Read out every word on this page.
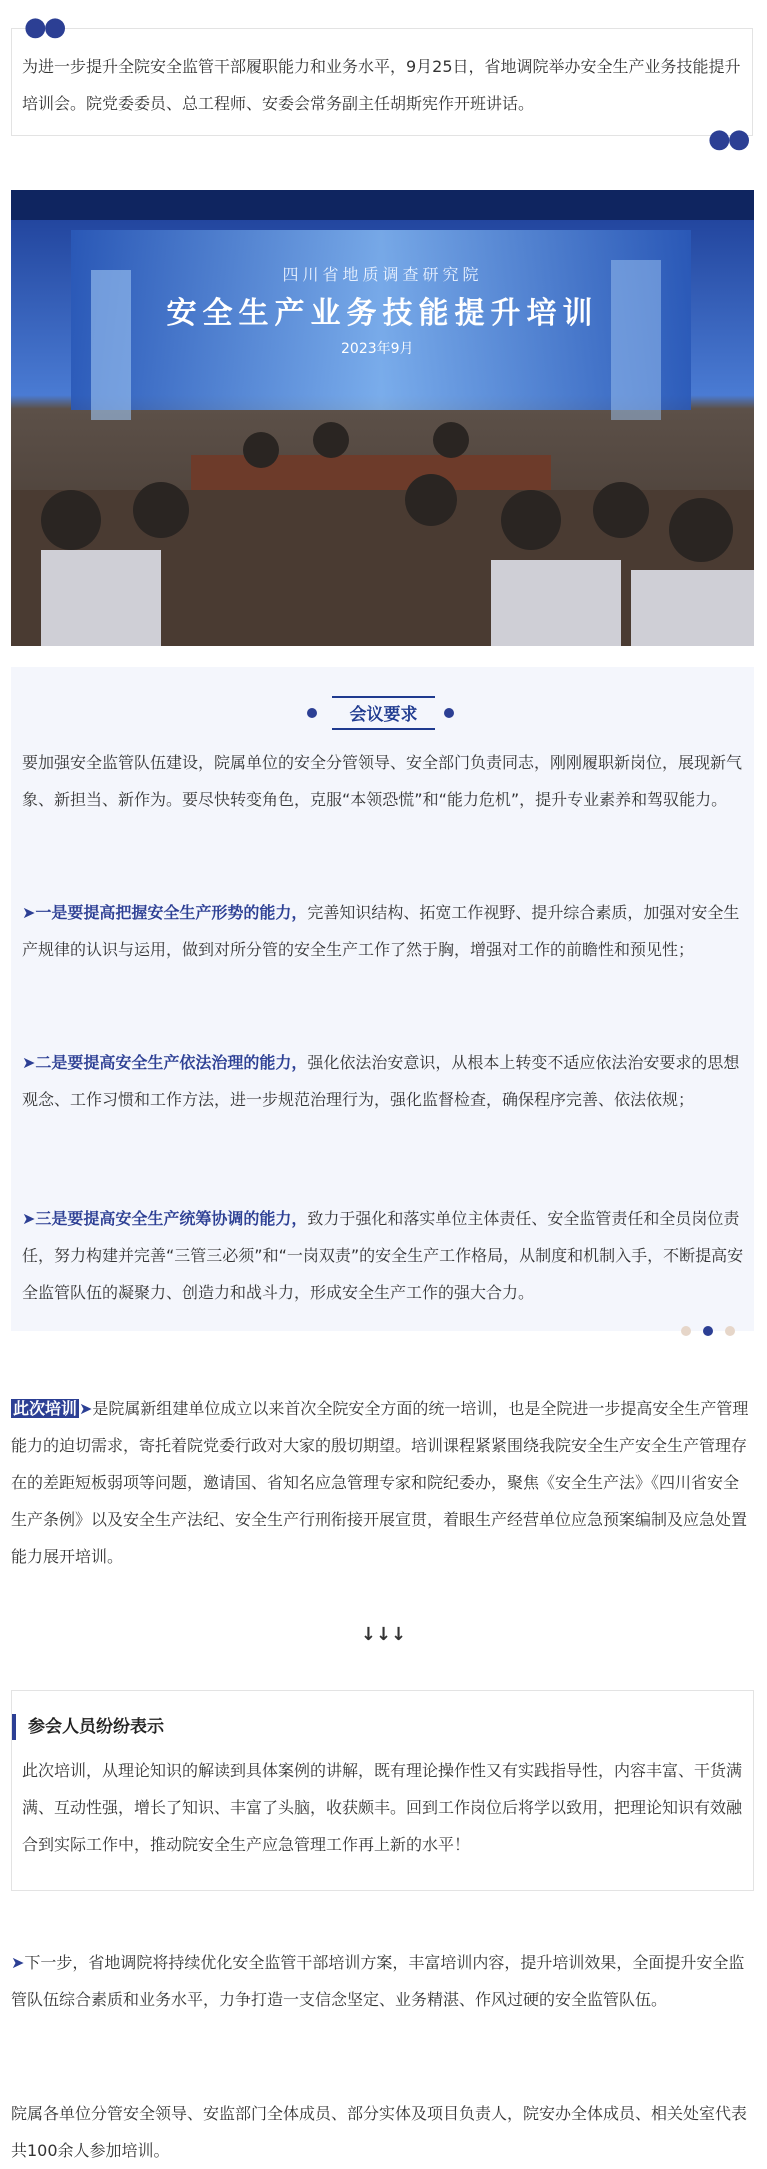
● ●
为进一步提升全院安全监管干部履职能力和业务水平，9月25日，省地调院举办安全生产业务技能提升培训会。院党委委员、总工程师、安委会常务副主任胡斯宪作开班讲话。
● ●
四川省地质调查研究院
安全生产业务技能提升培训
2023年9月
会议要求
要加强安全监管队伍建设，院属单位的安全分管领导、安全部门负责同志，刚刚履职新岗位，展现新气象、新担当、新作为。要尽快转变角色，克服“本领恐慌”和“能力危机”，提升专业素养和驾驭能力。
➤一是要提高把握安全生产形势的能力，完善知识结构、拓宽工作视野、提升综合素质，加强对安全生产规律的认识与运用，做到对所分管的安全生产工作了然于胸，增强对工作的前瞻性和预见性；
➤二是要提高安全生产依法治理的能力，强化依法治安意识，从根本上转变不适应依法治安要求的思想观念、工作习惯和工作方法，进一步规范治理行为，强化监督检查，确保程序完善、依法依规；
➤三是要提高安全生产统筹协调的能力，致力于强化和落实单位主体责任、安全监管责任和全员岗位责任，努力构建并完善“三管三必须”和“一岗双责”的安全生产工作格局，从制度和机制入手，不断提高安全监管队伍的凝聚力、创造力和战斗力，形成安全生产工作的强大合力。
此次培训 ➤是院属新组建单位成立以来首次全院安全方面的统一培训，也是全院进一步提高安全生产管理能力的迫切需求，寄托着院党委行政对大家的殷切期望。培训课程紧紧围绕我院安全生产安全生产管理存在的差距短板弱项等问题，邀请国、省知名应急管理专家和院纪委办，聚焦《安全生产法》《四川省安全生产条例》以及安全生产法纪、安全生产行刑衔接开展宣贯，着眼生产经营单位应急预案编制及应急处置能力展开培训。
↓↓↓
参会人员纷纷表示
此次培训，从理论知识的解读到具体案例的讲解，既有理论操作性又有实践指导性，内容丰富、干货满满、互动性强，增长了知识、丰富了头脑，收获颇丰。回到工作岗位后将学以致用，把理论知识有效融合到实际工作中，推动院安全生产应急管理工作再上新的水平！
➤下一步，省地调院将持续优化安全监管干部培训方案，丰富培训内容，提升培训效果，全面提升安全监管队伍综合素质和业务水平，力争打造一支信念坚定、业务精湛、作风过硬的安全监管队伍。
院属各单位分管安全领导、安监部门全体成员、部分实体及项目负责人，院安办全体成员、相关处室代表共100余人参加培训。
